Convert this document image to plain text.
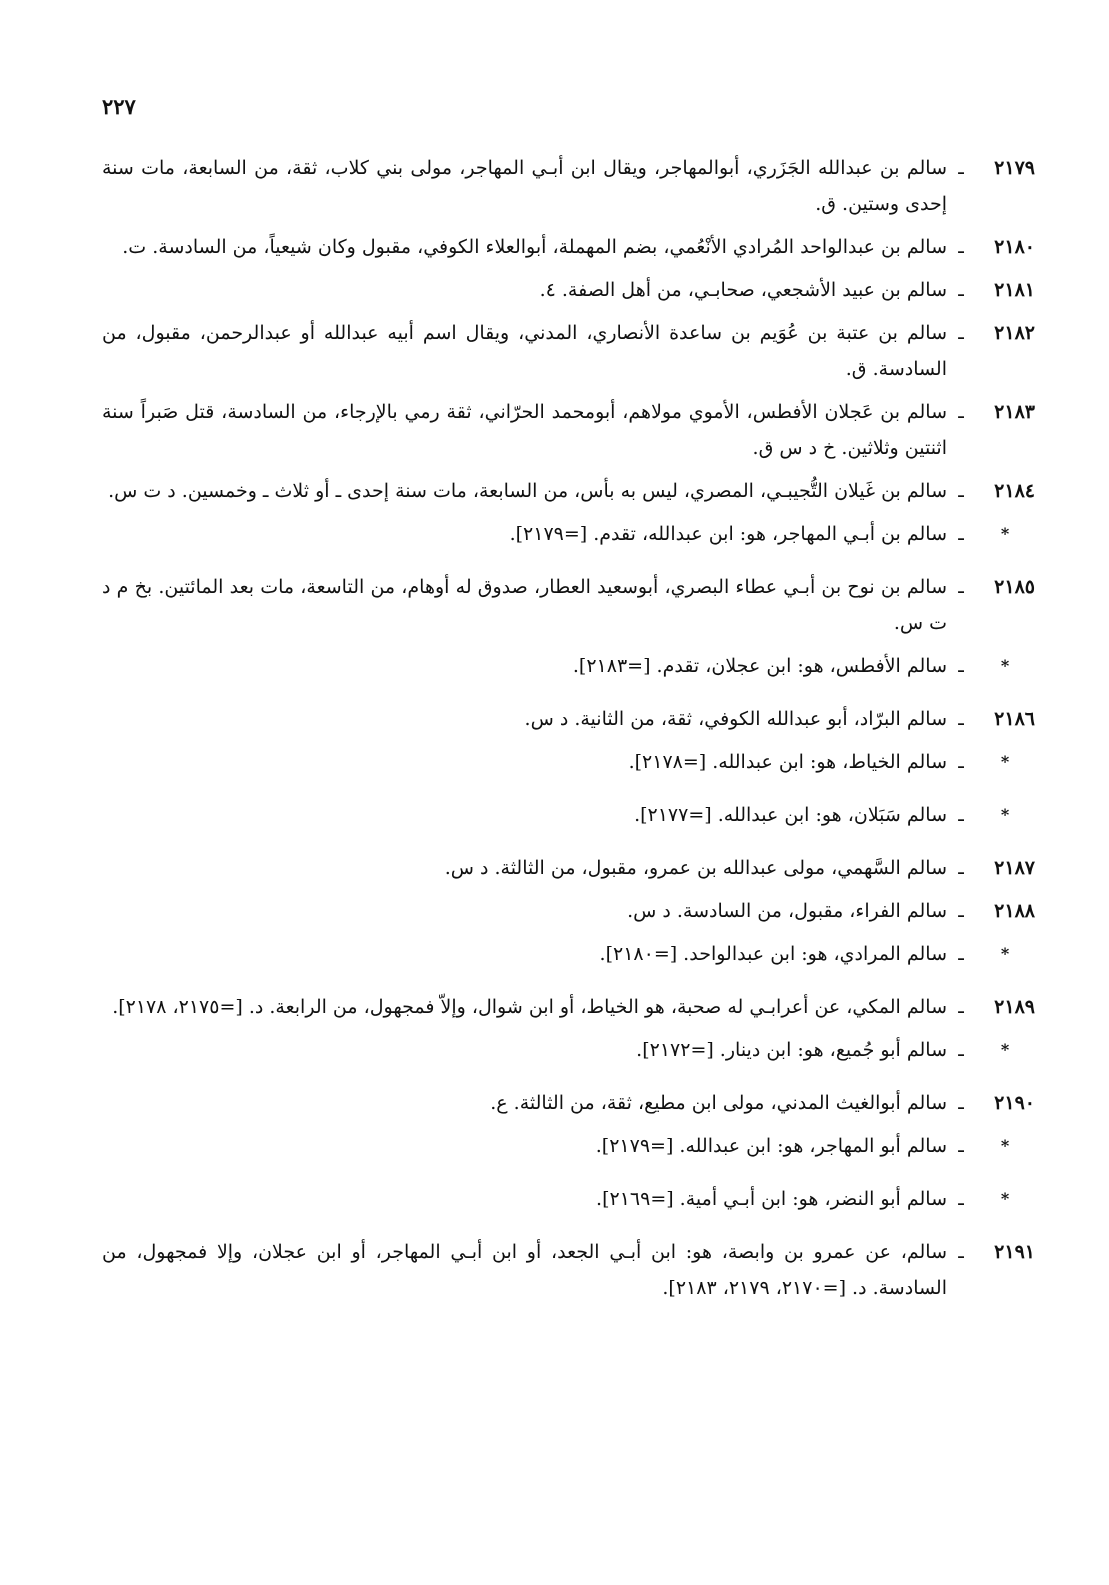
٢٢٧
٢١٧٩
ـ
سالم بن عبدالله الجَزَري، أبوالمهاجر، ويقال ابن أبـي المهاجر، مولى بني كلاب، ثقة، من السابعة، مات سنة إحدى وستين. ق.
٢١٨٠
ـ
سالم بن عبدالواحد المُرادي الأنْعُمي، بضم المهملة، أبوالعلاء الكوفي، مقبول وكان شيعياً، من السادسة. ت.
٢١٨١
ـ
سالم بن عبيد الأشجعي، صحابـي، من أهل الصفة. ٤.
٢١٨٢
ـ
سالم بن عتبة بن عُوَيم بن ساعدة الأنصاري، المدني، ويقال اسم أبيه عبدالله أو عبدالرحمن، مقبول، من السادسة. ق.
٢١٨٣
ـ
سالم بن عَجلان الأفطس، الأموي مولاهم، أبومحمد الحرّاني، ثقة رمي بالإرجاء، من السادسة، قتل صَبراً سنة اثنتين وثلاثين. خ د س ق.
٢١٨٤
ـ
سالم بن غَيلان التُّجيبـي، المصري، ليس به بأس، من السابعة، مات سنة إحدى ـ أو ثلاث ـ وخمسين. د ت س.
*
ـ
سالم بن أبـي المهاجر، هو: ابن عبدالله، تقدم. [=٢١٧٩].
٢١٨٥
ـ
سالم بن نوح بن أبـي عطاء البصري، أبوسعيد العطار، صدوق له أوهام، من التاسعة، مات بعد المائتين. بخ م د ت س.
*
ـ
سالم الأفطس، هو: ابن عجلان، تقدم. [=٢١٨٣].
٢١٨٦
ـ
سالم البرّاد، أبو عبدالله الكوفي، ثقة، من الثانية. د س.
*
ـ
سالم الخياط، هو: ابن عبدالله. [=٢١٧٨].
*
ـ
سالم سَبَلان، هو: ابن عبدالله. [=٢١٧٧].
٢١٨٧
ـ
سالم السَّهمي، مولى عبدالله بن عمرو، مقبول، من الثالثة. د س.
٢١٨٨
ـ
سالم الفراء، مقبول، من السادسة. د س.
*
ـ
سالم المرادي، هو: ابن عبدالواحد. [=٢١٨٠].
٢١٨٩
ـ
سالم المكي، عن أعرابـي له صحبة، هو الخياط، أو ابن شوال، وإلاّ فمجهول، من الرابعة. د. [=٢١٧٥، ٢١٧٨].
*
ـ
سالم أبو جُميع، هو: ابن دينار. [=٢١٧٢].
٢١٩٠
ـ
سالم أبوالغيث المدني، مولى ابن مطيع، ثقة، من الثالثة. ع.
*
ـ
سالم أبو المهاجر، هو: ابن عبدالله. [=٢١٧٩].
*
ـ
سالم أبو النضر، هو: ابن أبـي أمية. [=٢١٦٩].
٢١٩١
ـ
سالم، عن عمرو بن وابصة، هو: ابن أبـي الجعد، أو ابن أبـي المهاجر، أو ابن عجلان، وإلا فمجهول، من السادسة. د. [=٢١٧٠، ٢١٧٩، ٢١٨٣].
